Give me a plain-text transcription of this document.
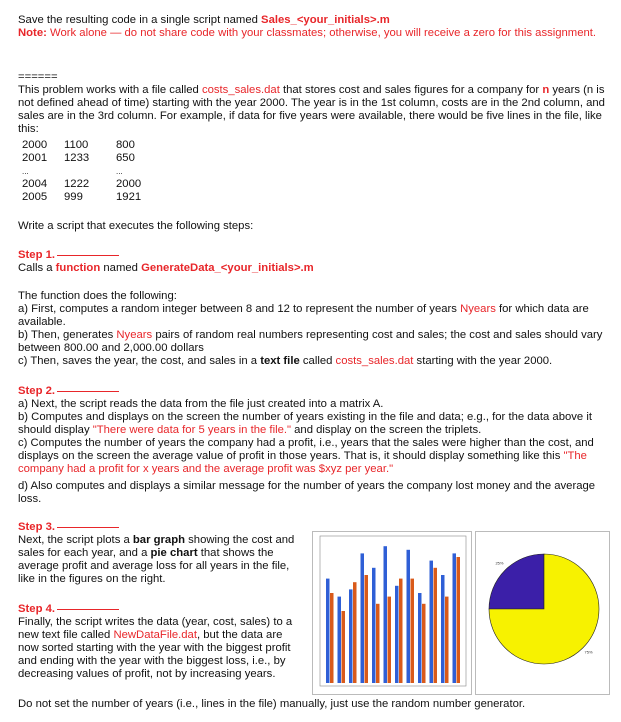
Save the resulting code in a single script named Sales_<your_initials>.m

Note: Work alone — do not share code with your classmates; otherwise, you will receive a zero for this assignment.

======

This problem works with a file called costs_sales.dat that stores cost and sales figures for a company for n years (n is not defined ahead of time) starting with the year 2000. The year is in the 1st column, costs are in the 2nd column, and sales are in the 3rd column. For example, if data for five years were available, there would be five lines in the file, like this:

2000	1100	800
2001	1233	650
...		...
2004	1222	2000
2005	999	1921

Write a script that executes the following steps:

Step 1.

Calls a function named GenerateData_<your_initials>.m

The function does the following:

a) First, computes a random integer between 8 and 12 to represent the number of years Nyears for which data are available.

b) Then, generates Nyears pairs of random real numbers representing cost and sales; the cost and sales should vary between 800.00 and 2,000.00 dollars

c) Then, saves the year, the cost, and sales in a text file called costs_sales.dat starting with the year 2000.

Step 2.

a) Next, the script reads the data from the file just created into a matrix A.

b) Computes and displays on the screen the number of years existing in the file and data; e.g., for the data above it should display "There were data for 5 years in the file." and display on the screen the triplets.

c) Computes the number of years the company had a profit, i.e., years that the sales were higher than the cost, and displays on the screen the average value of profit in those years. That is, it should display something like this "The company had a profit for x years and the average profit was $xyz per year."

d) Also computes and displays a similar message for the number of years the company lost money and the average loss.

Step 3.

Next, the script plots a bar graph showing the cost and sales for each year, and a pie chart that shows the average profit and average loss for all years in the file, like in the figures on the right.

Step 4.

Finally, the script writes the data (year, cost, sales) to a new text file called NewDataFile.dat, but the data are now sorted starting with the year with the biggest profit and ending with the year with the biggest loss, i.e., by decreasing values of profit, not by increasing years.

Do not set the number of years (i.e., lines in the file) manually, just use the random number generator.

25%
75%
